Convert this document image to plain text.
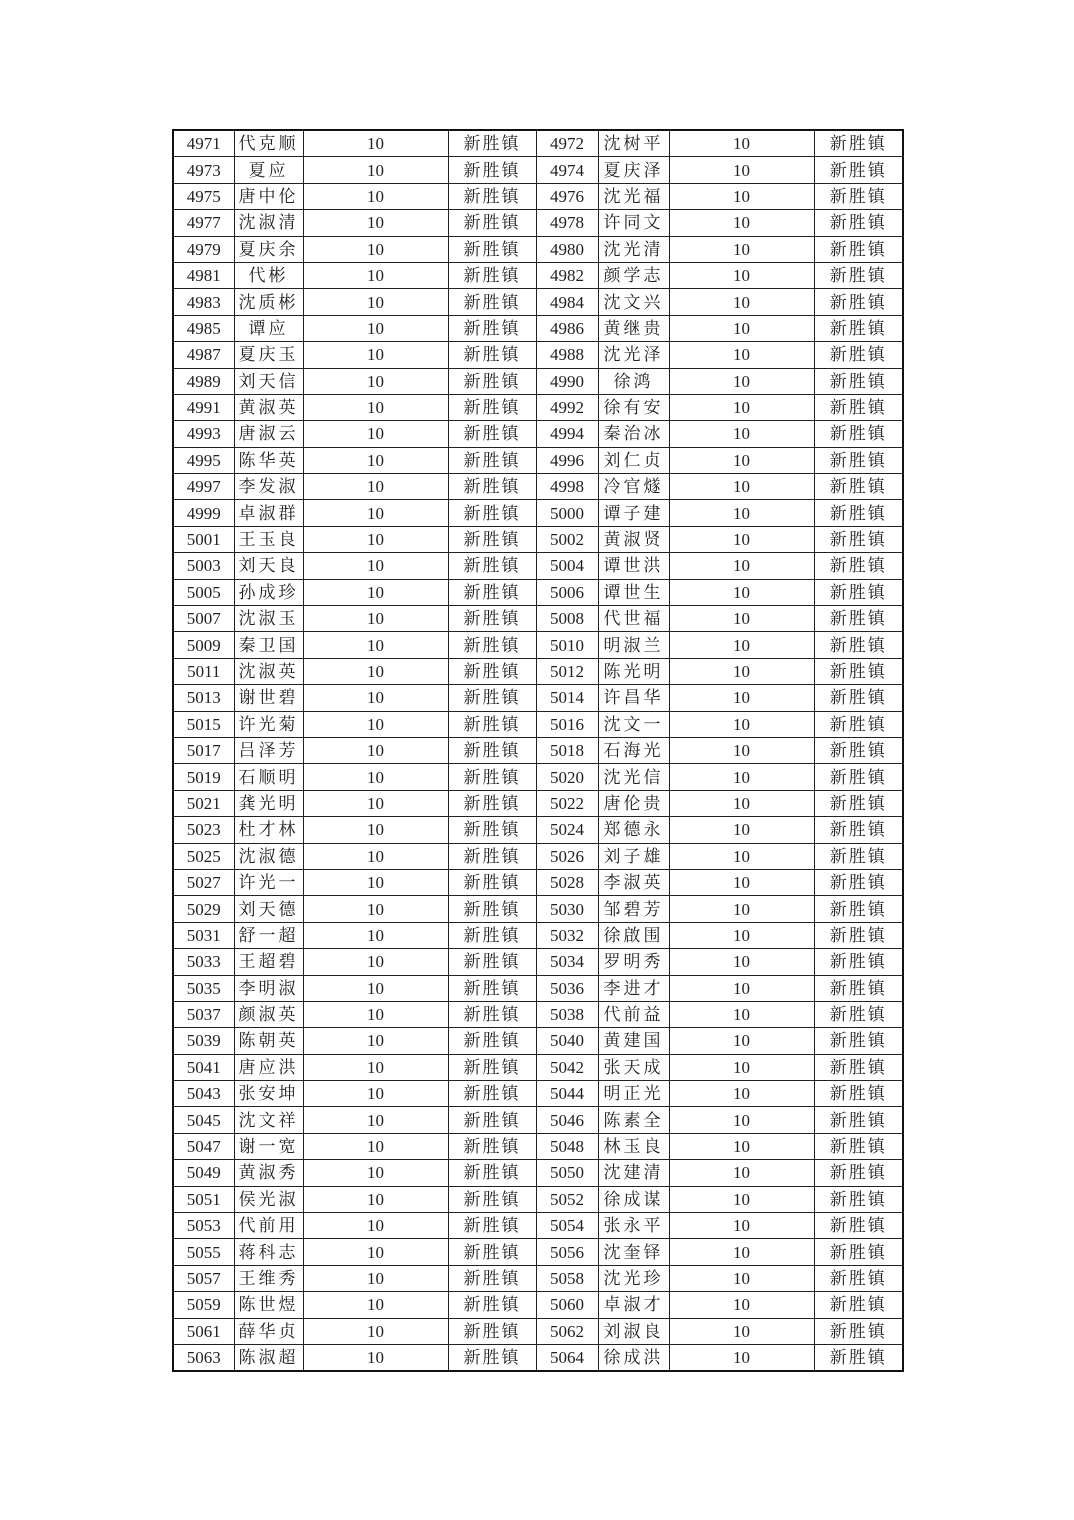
4971	代克顺	10	新胜镇	4972	沈树平	10	新胜镇
4973	夏应	10	新胜镇	4974	夏庆泽	10	新胜镇
4975	唐中伦	10	新胜镇	4976	沈光福	10	新胜镇
4977	沈淑清	10	新胜镇	4978	许同文	10	新胜镇
4979	夏庆余	10	新胜镇	4980	沈光清	10	新胜镇
4981	代彬	10	新胜镇	4982	颜学志	10	新胜镇
4983	沈质彬	10	新胜镇	4984	沈文兴	10	新胜镇
4985	谭应	10	新胜镇	4986	黄继贵	10	新胜镇
4987	夏庆玉	10	新胜镇	4988	沈光泽	10	新胜镇
4989	刘天信	10	新胜镇	4990	徐鸿	10	新胜镇
4991	黄淑英	10	新胜镇	4992	徐有安	10	新胜镇
4993	唐淑云	10	新胜镇	4994	秦治冰	10	新胜镇
4995	陈华英	10	新胜镇	4996	刘仁贞	10	新胜镇
4997	李发淑	10	新胜镇	4998	冷官燧	10	新胜镇
4999	卓淑群	10	新胜镇	5000	谭子建	10	新胜镇
5001	王玉良	10	新胜镇	5002	黄淑贤	10	新胜镇
5003	刘天良	10	新胜镇	5004	谭世洪	10	新胜镇
5005	孙成珍	10	新胜镇	5006	谭世生	10	新胜镇
5007	沈淑玉	10	新胜镇	5008	代世福	10	新胜镇
5009	秦卫国	10	新胜镇	5010	明淑兰	10	新胜镇
5011	沈淑英	10	新胜镇	5012	陈光明	10	新胜镇
5013	谢世碧	10	新胜镇	5014	许昌华	10	新胜镇
5015	许光菊	10	新胜镇	5016	沈文一	10	新胜镇
5017	吕泽芳	10	新胜镇	5018	石海光	10	新胜镇
5019	石顺明	10	新胜镇	5020	沈光信	10	新胜镇
5021	龚光明	10	新胜镇	5022	唐伦贵	10	新胜镇
5023	杜才林	10	新胜镇	5024	郑德永	10	新胜镇
5025	沈淑德	10	新胜镇	5026	刘子雄	10	新胜镇
5027	许光一	10	新胜镇	5028	李淑英	10	新胜镇
5029	刘天德	10	新胜镇	5030	邹碧芳	10	新胜镇
5031	舒一超	10	新胜镇	5032	徐啟围	10	新胜镇
5033	王超碧	10	新胜镇	5034	罗明秀	10	新胜镇
5035	李明淑	10	新胜镇	5036	李进才	10	新胜镇
5037	颜淑英	10	新胜镇	5038	代前益	10	新胜镇
5039	陈朝英	10	新胜镇	5040	黄建国	10	新胜镇
5041	唐应洪	10	新胜镇	5042	张天成	10	新胜镇
5043	张安坤	10	新胜镇	5044	明正光	10	新胜镇
5045	沈文祥	10	新胜镇	5046	陈素全	10	新胜镇
5047	谢一宽	10	新胜镇	5048	林玉良	10	新胜镇
5049	黄淑秀	10	新胜镇	5050	沈建清	10	新胜镇
5051	侯光淑	10	新胜镇	5052	徐成谋	10	新胜镇
5053	代前用	10	新胜镇	5054	张永平	10	新胜镇
5055	蒋科志	10	新胜镇	5056	沈奎铎	10	新胜镇
5057	王维秀	10	新胜镇	5058	沈光珍	10	新胜镇
5059	陈世煜	10	新胜镇	5060	卓淑才	10	新胜镇
5061	薛华贞	10	新胜镇	5062	刘淑良	10	新胜镇
5063	陈淑超	10	新胜镇	5064	徐成洪	10	新胜镇
